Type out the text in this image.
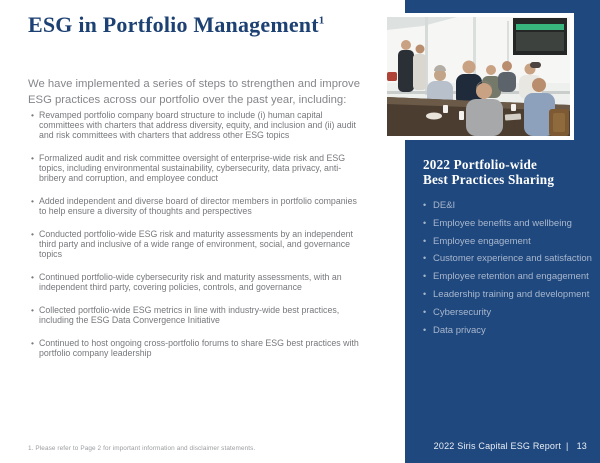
ESG in Portfolio Management$^1$

We have implemented a series of steps to strengthen and improve ESG practices across our portfolio over the past year, including:

• Revamped portfolio company board structure to include (i) human capital committees with charters that address diversity, equity, and inclusion and (ii) audit and risk committees with charters that address other ESG topics
• Formalized audit and risk committee oversight of enterprise-wide risk and ESG topics, including environmental sustainability, cybersecurity, data privacy, anti-bribery and corruption, and employee conduct
• Added independent and diverse board of director members in portfolio companies to help ensure a diversity of thoughts and perspectives
• Conducted portfolio-wide ESG risk and maturity assessments by an independent third party and inclusive of a wide range of environment, social, and governance topics
• Continued portfolio-wide cybersecurity risk and maturity assessments, with an independent third party, covering policies, controls, and governance
• Collected portfolio-wide ESG metrics in line with industry-wide best practices, including the ESG Data Convergence Initiative
• Continued to host ongoing cross-portfolio forums to share ESG best practices with portfolio company leadership

1. Please refer to Page 2 for important information and disclaimer statements.

2022 Portfolio-wide
Best Practices Sharing
• DE&I
• Employee benefits and wellbeing
• Employee engagement
• Customer experience and satisfaction
• Employee retention and engagement
• Leadership training and development
• Cybersecurity
• Data privacy
2022 Siris Capital ESG Report | 13
